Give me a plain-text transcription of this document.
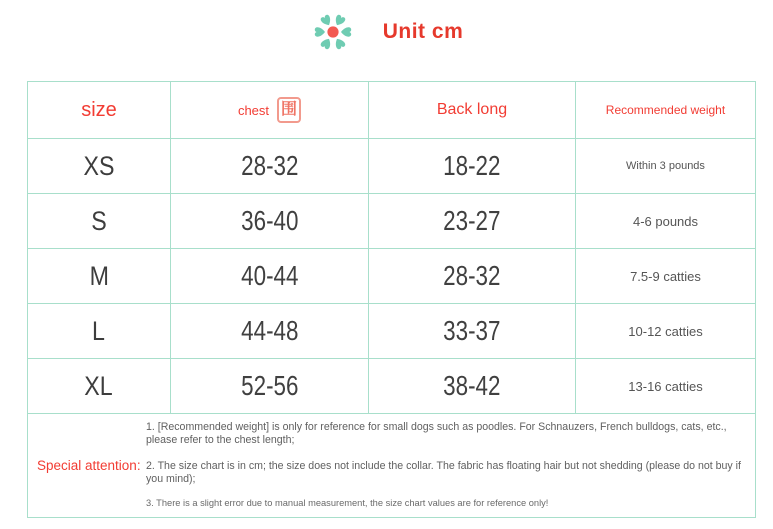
Unit cm
size	chest 围	Back long	Recommended weight
XS	28-32	18-22	Within 3 pounds
S	36-40	23-27	4-6 pounds
M	40-44	28-32	7.5-9 catties
L	44-48	33-37	10-12 catties
XL	52-56	38-42	13-16 catties
Special attention:

1. [Recommended weight] is only for reference for small dogs such as poodles. For Schnauzers, French bulldogs, cats, etc., please refer to the chest length;

2. The size chart is in cm; the size does not include the collar. The fabric has floating hair but not shedding (please do not buy if you mind);

3. There is a slight error due to manual measurement, the size chart values are for reference only!
